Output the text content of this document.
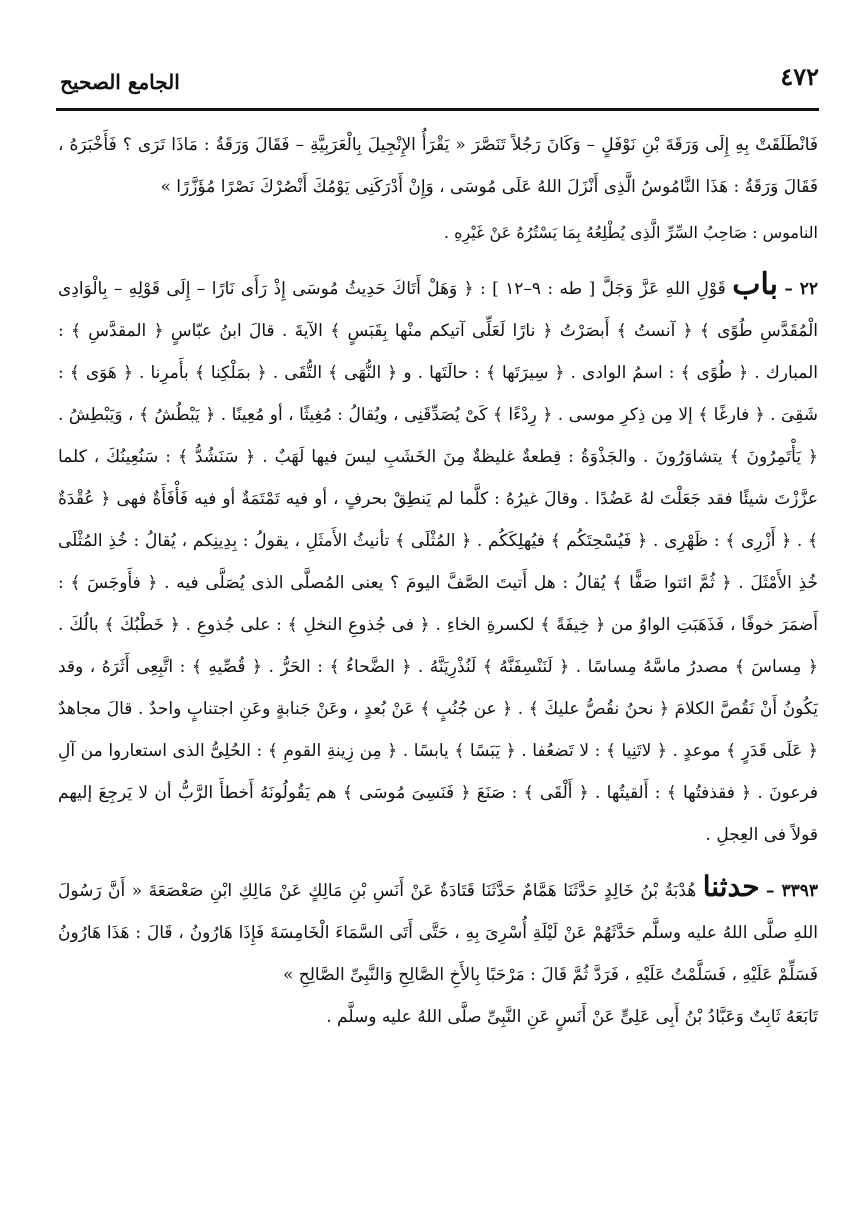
٤٧٢
الجامع الصحيح

فَانْطَلَقَتْ بِهِ إِلَى وَرَقَةَ بْنِ نَوْفَلٍ – وَكَانَ رَجُلاً تَنَصَّرَ « يَقْرَأُ الإِنْجِيلَ بِالْعَرَبِيَّةِ – فَقَالَ وَرَقَةُ : مَاذَا تَرَى ؟ فَأَخْبَرَهُ ، فَقَالَ وَرَقَةُ : هَذَا النَّامُوسُ الَّذِى أَنْزَلَ اللهُ عَلَى مُوسَى ، وَإِنْ أَدْرَكَنِى يَوْمُكَ أَنْصُرْكَ نَصْرًا مُؤَزَّرًا »

الناموس : صَاحِبُ السِّرِّ الَّذِى يُطْلِعُهُ بِمَا يَسْتُرُهُ عَنْ غَيْرِهِ .

٢٢ – باب قَوْلِ اللهِ عَزَّ وَجَلَّ [ طه : ٩–١٢ ] : ﴿ وَهَلْ أَتَاكَ حَدِيثُ مُوسَى إِذْ رَأَى نَارًا – إِلَى قَوْلِهِ – بِالْوَادِى الْمُقَدَّسِ طُوًى ﴾ ﴿ آنستُ ﴾ أَبصَرْتُ ﴿ نارًا لَعَلِّى آتيكم منْها بِقَبَسٍ ﴾ الآيةَ . قالَ ابنُ عبّاسٍ ﴿ المقدَّسِ ﴾ : المبارك . ﴿ طُوًى ﴾ : اسمُ الوادى . ﴿ سِيرَتَها ﴾ : حالَتَها . و ﴿ النُّهَى ﴾ التُّقَى . ﴿ بمَلْكِنا ﴾ بأَمرِنا . ﴿ هَوَى ﴾ : شَقِىَ . ﴿ فارغًا ﴾ إلا مِن ذِكرِ موسى . ﴿ رِدْءًا ﴾ كَىْ يُصَدِّقَنِى ، ويُقالُ : مُغِيثًا ، أو مُعِينًا . ﴿ يَبْطُشُ ﴾ ، وَيَبْطِشُ . ﴿ يَأْتَمِرُونَ ﴾ يتشاوَرُونَ . والجَذْوَةُ : قِطعةٌ غليظةٌ مِنَ الخَشَبِ ليسَ فيها لَهَبٌ . ﴿ سَنَشُدُّ ﴾ : سَنُعِينُكَ ، كلما عزَّزْتَ شيئًا فقد جَعَلْتَ لهُ عَضُدًا . وقالَ غيرُهُ : كلَّما لم يَنطِقْ بحرفٍ ، أو فيه تَمْتَمَةٌ أو فيه فَأْفَأَةٌ فهى ﴿ عُقْدَةٌ ﴾ . ﴿ أَزْرِى ﴾ : ظَهْرِى . ﴿ فَيُسْحِتَكُم ﴾ فيُهلِكَكُم . ﴿ المُثْلَى ﴾ تأنيثُ الأَمثَلِ ، يقولُ : بِدِينِكم ، يُقالُ : خُذِ المُثْلَى خُذِ الأَمْثَلَ . ﴿ ثُمَّ ائتوا صَفًّا ﴾ يُقالُ : هل أَتيتَ الصَّفَّ اليومَ ؟ يعنى المُصلَّى الذى يُصَلَّى فيه . ﴿ فأَوجَسَ ﴾ : أَضمَرَ خوفًا ، فَذَهَبَتِ الواوُ من ﴿ خِيفَةً ﴾ لكسرةِ الخاءِ . ﴿ فى جُذوعِ النخلِ ﴾ : على جُذوعِ . ﴿ خَطْبُكَ ﴾ بالُكَ . ﴿ مِساسَ ﴾ مصدرُ ماسَّهُ مِساسًا . ﴿ لَنَنْسِفَنَّهُ ﴾ لَنُذْرِيَنَّهُ . ﴿ الضَّحاءُ ﴾ : الحَرُّ . ﴿ قُصِّيهِ ﴾ : اتَّبِعِى أَثَرَهُ ، وقد يَكُونُ أَنْ نَقُصَّ الكلامَ ﴿ نحنُ نقُصُّ عليكَ ﴾ . ﴿ عن جُنُبٍ ﴾ عَنْ بُعدٍ ، وعَنْ جَنابةٍ وعَنِ اجتنابٍ واحدٌ . قالَ مجاهدٌ ﴿ عَلَى قَدَرٍ ﴾ موعدٍ . ﴿ لاتَنِيا ﴾ : لا تَضعُفا . ﴿ يَبَسًا ﴾ يابسًا . ﴿ مِن زِينةِ القومِ ﴾ : الحُلِىُّ الذى استعاروا من آلِ فرعونَ . ﴿ فقذفتُها ﴾ : أَلقيتُها . ﴿ أَلْقَى ﴾ : صَنَعَ ﴿ فَنَسِىَ مُوسَى ﴾ هم يَقُولُونَهُ أَخطأَ الرَّبُّ أن لا يَرجِعَ إليهم قولاً فى العِجلِ .

٣٣٩٣ – حدثنا هُدْبَةُ بْنُ خَالِدٍ حَدَّثَنَا هَمَّامٌ حَدَّثَنَا قَتَادَةُ عَنْ أَنَسِ بْنِ مَالِكٍ عَنْ مَالِكِ ابْنِ صَعْصَعَةَ « أَنَّ رَسُولَ اللهِ صلَّى اللهُ عليه وسلَّم حَدَّثَهُمْ عَنْ لَيْلَةِ أُسْرِىَ بِهِ ، حَتَّى أَتَى السَّمَاءَ الْخَامِسَةَ فَإِذَا هَارُونُ ، قَالَ : هَذَا هَارُونُ فَسَلِّمْ عَلَيْهِ ، فَسَلَّمْتُ عَلَيْهِ ، فَرَدَّ ثُمَّ قَالَ : مَرْحَبًا بِالأَخِ الصَّالِحِ وَالنَّبِىِّ الصَّالِحِ »

تَابَعَهُ ثَابِتٌ وَعَبَّادُ بْنُ أَبِى عَلِىٍّ عَنْ أَنَسٍ عَنِ النَّبِىِّ صلَّى اللهُ عليه وسلَّم .
